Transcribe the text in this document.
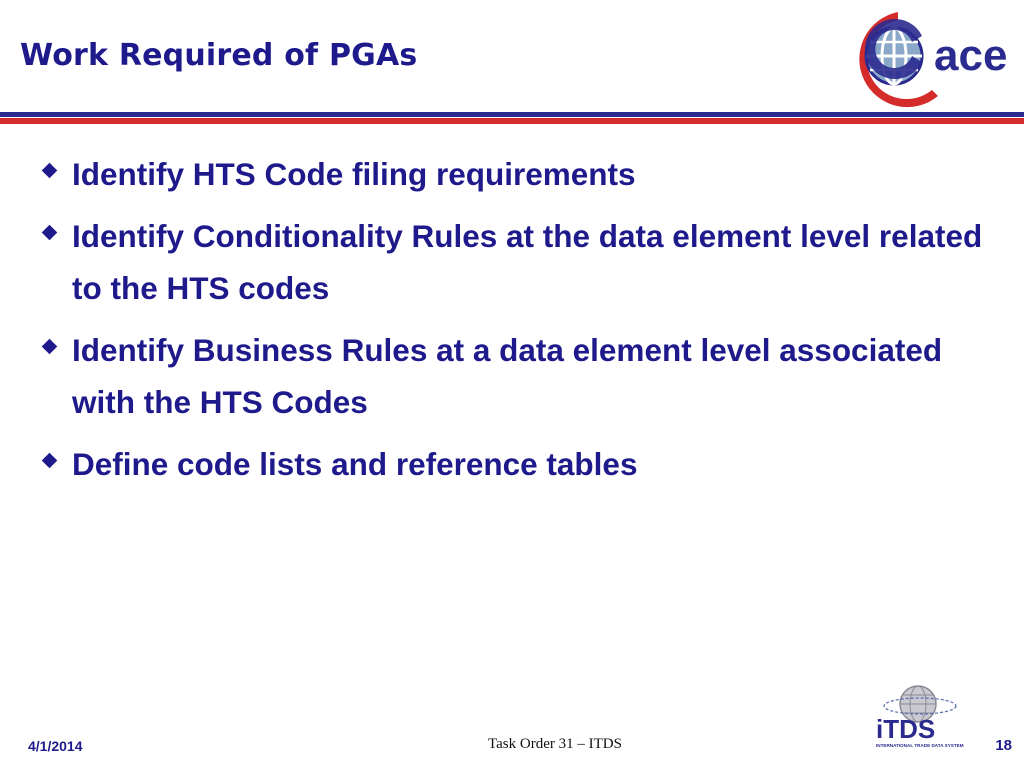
Work Required of PGAs	ace
Identify HTS Code filing requirements
Identify Conditionality Rules at the data element level related to the HTS codes
Identify Business Rules at a data element level associated with the HTS Codes
Define code lists and reference tables
iTDS
INTERNATIONAL TRADE DATA SYSTEM
4/1/2014	Task Order 31 – ITDS	18
